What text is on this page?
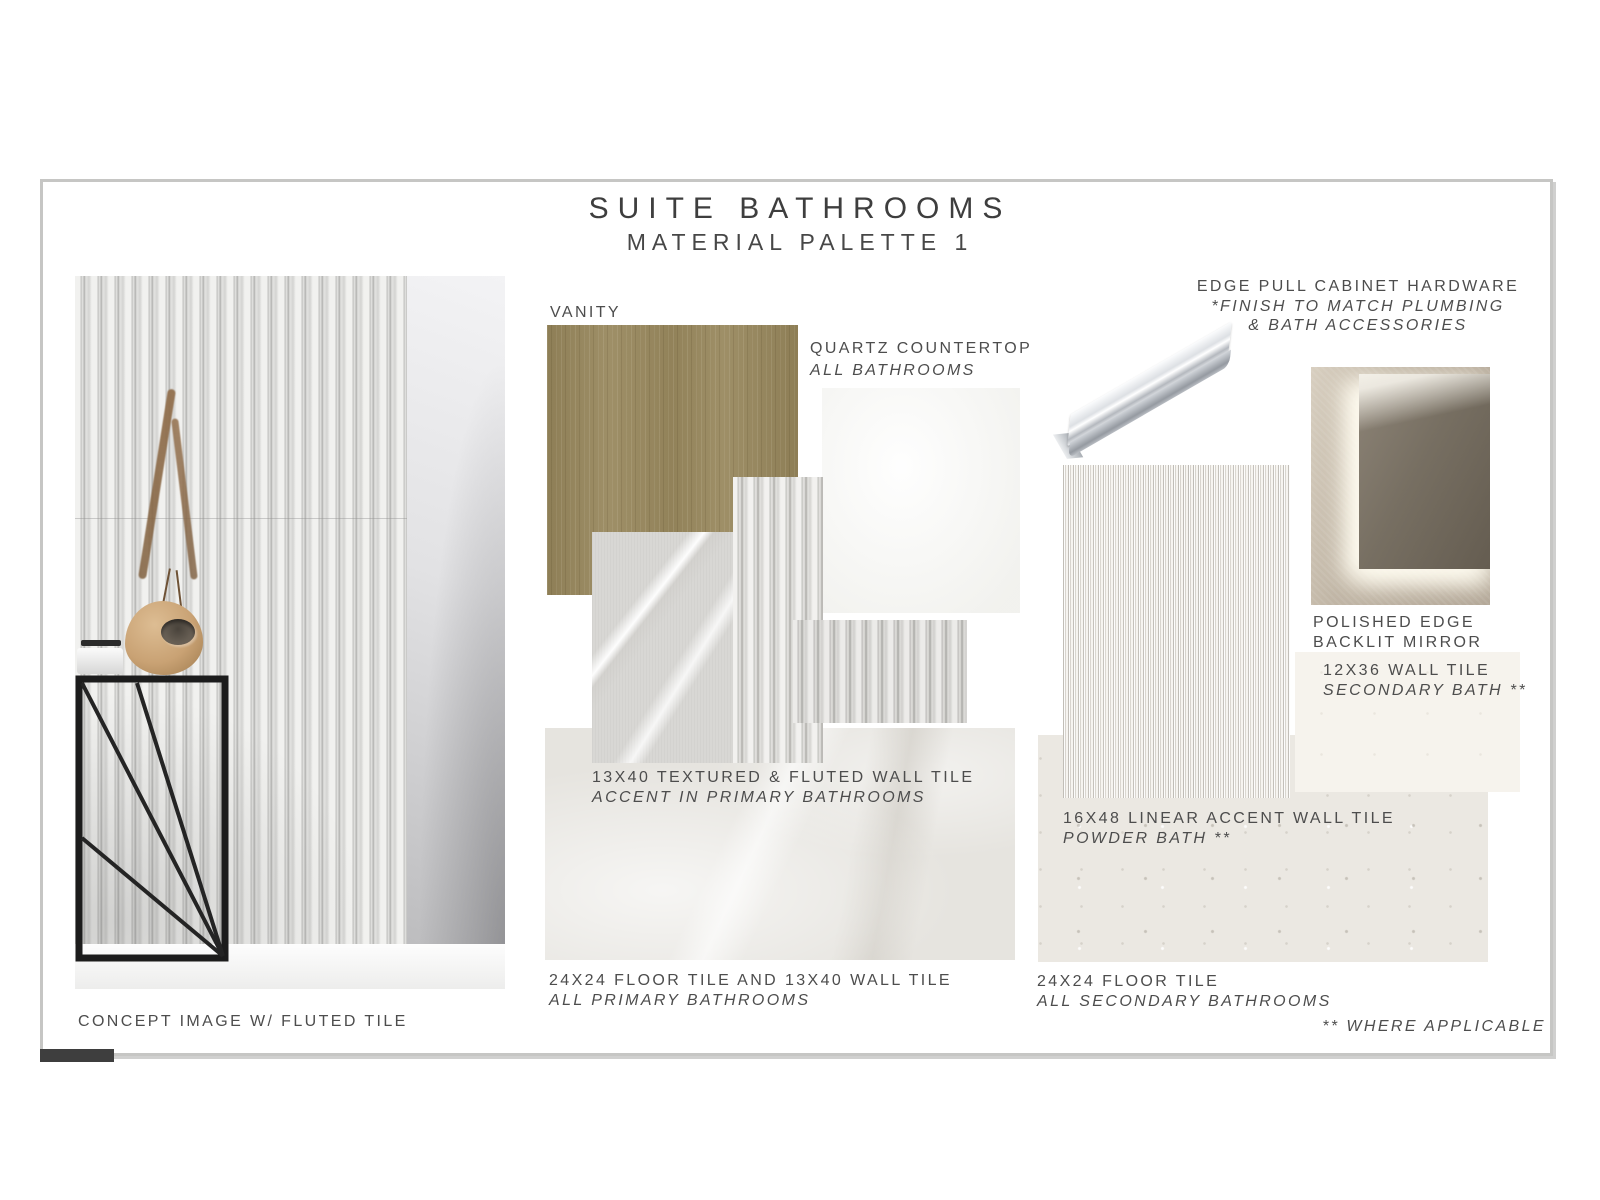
SUITE BATHROOMS
MATERIAL PALETTE 1
CONCEPT IMAGE W/ FLUTED TILE
VANITY
QUARTZ COUNTERTOP
ALL BATHROOMS
13X40 TEXTURED & FLUTED WALL TILE
ACCENT IN PRIMARY BATHROOMS
24X24 FLOOR TILE AND 13X40 WALL TILE
ALL PRIMARY BATHROOMS
EDGE PULL CABINET HARDWARE
*FINISH TO MATCH PLUMBING
& BATH ACCESSORIES
16X48 LINEAR ACCENT WALL TILE
POWDER BATH **
POLISHED EDGE
BACKLIT MIRROR
12X36 WALL TILE
SECONDARY BATH **
24X24 FLOOR TILE
ALL SECONDARY BATHROOMS
** WHERE APPLICABLE
